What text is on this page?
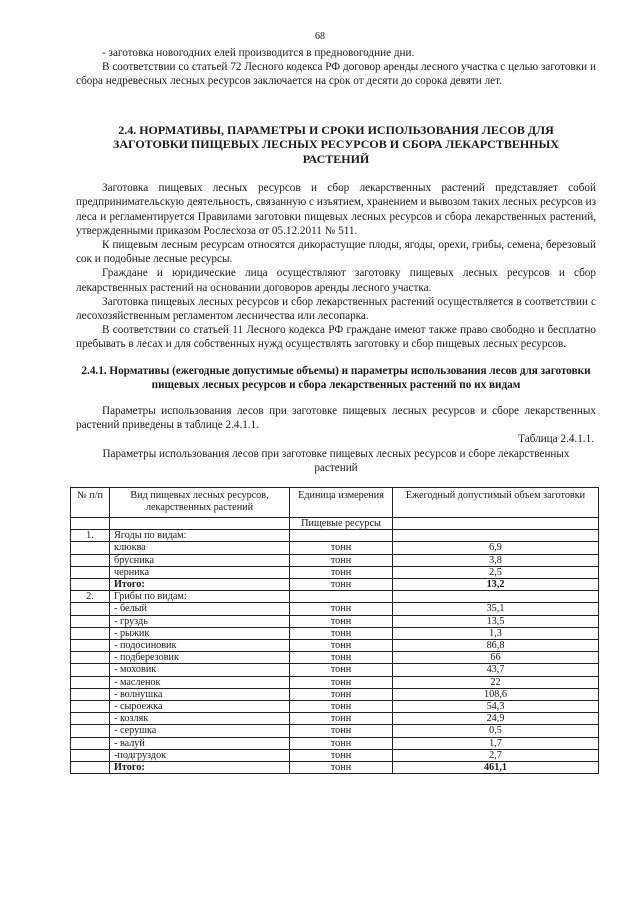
68

- заготовка новогодних елей производится в предновогодние дни.

В соответствии со статьей 72 Лесного кодекса РФ договор аренды лесного участка с целью заготовки и сбора недревесных лесных ресурсов заключается на срок от десяти до сорока девяти лет.

2.4. НОРМАТИВЫ, ПАРАМЕТРЫ И СРОКИ ИСПОЛЬЗОВАНИЯ ЛЕСОВ ДЛЯ ЗАГОТОВКИ ПИЩЕВЫХ ЛЕСНЫХ РЕСУРСОВ И СБОРА ЛЕКАРСТВЕННЫХ РАСТЕНИЙ

Заготовка пищевых лесных ресурсов и сбор лекарственных растений представляет собой предпринимательскую деятельность, связанную с изъятием, хранением и вывозом таких лесных ресурсов из леса и регламентируется Правилами заготовки пищевых лесных ресурсов и сбора лекарственных растений, утвержденными приказом Рослесхоза от 05.12.2011 № 511.

К пищевым лесным ресурсам относятся дикорастущие плоды, ягоды, орехи, грибы, семена, березовый сок и подобные лесные ресурсы.

Граждане и юридические лица осуществляют заготовку пищевых лесных ресурсов и сбор лекарственных растений на основании договоров аренды лесного участка.

Заготовка пищевых лесных ресурсов и сбор лекарственных растений осуществляется в соответствии с лесохозяйственным регламентом лесничества или лесопарка.

В соответствии со статьей 11 Лесного кодекса РФ граждане имеют также право свободно и бесплатно пребывать в лесах и для собственных нужд осуществлять заготовку и сбор пищевых лесных ресурсов.

2.4.1. Нормативы (ежегодные допустимые объемы) и параметры использования лесов для заготовки пищевых лесных ресурсов и сбора лекарственных растений по их видам

Параметры использования лесов при заготовке пищевых лесных ресурсов и сборе лекарственных растений приведены в таблице 2.4.1.1.

Таблица 2.4.1.1.

Параметры использования лесов при заготовке пищевых лесных ресурсов и сборе лекарственных растений

№ п/п	Вид пищевых лесных ресурсов, лекарственных растений	Единица измерения	Ежегодный допустимый объем заготовки
		Пищевые ресурсы	
1.	Ягоды по видам:		
	клюква	тонн	6,9
	брусника	тонн	3,8
	черника	тонн	2,5
	Итого:	тонн	13,2
2.	Грибы по видам:		
	- белый	тонн	35,1
	- груздь	тонн	13,5
	- рыжик	тонн	1,3
	- подосиновик	тонн	86,8
	- подберезовик	тонн	66
	- моховик	тонн	43,7
	- масленок	тонн	22
	- волнушка	тонн	108,6
	- сыроежка	тонн	54,3
	- козляк	тонн	24,9
	- серушка	тонн	0,5
	- валуй	тонн	1,7
	-подгруздок	тонн	2,7
	Итого:	тонн	461,1
